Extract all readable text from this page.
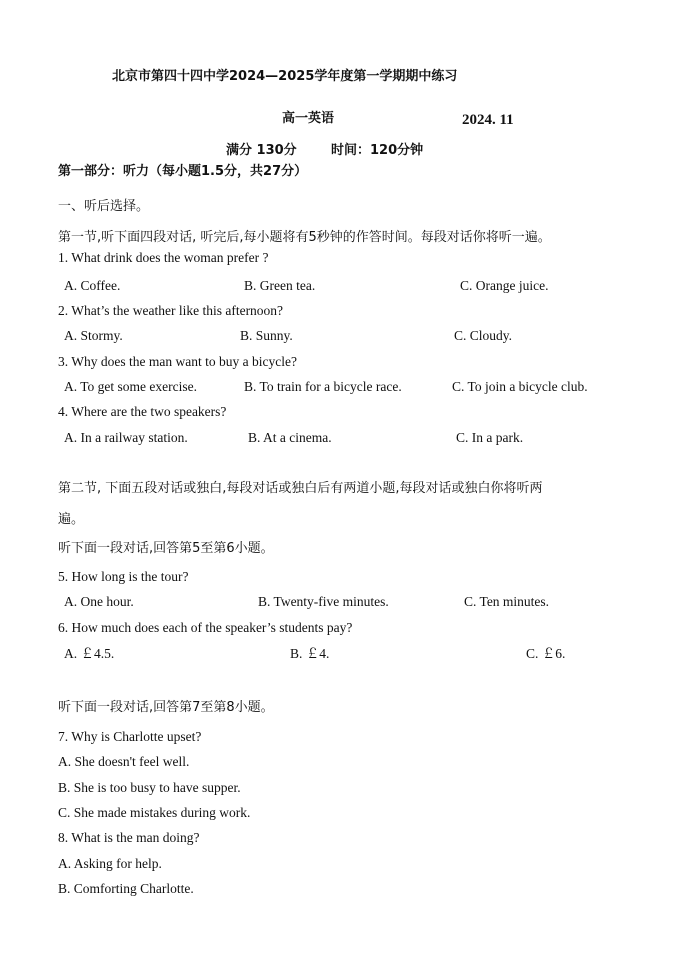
北京市第四十四中学2024—2025学年度第一学期期中练习
高一英语	2024. 11
满分 130分	时间：120分钟
第一部分：听力（每小题1.5分，共27分）
一、听后选择。
第一节,听下面四段对话, 听完后,每小题将有5秒钟的作答时间。每段对话你将听一遍。
1. What drink does the woman prefer ?
A. Coffee.	B. Green tea.	C. Orange juice.
2. What’s the weather like this afternoon?
A. Stormy.	B. Sunny.	C. Cloudy.
3. Why does the man want to buy a bicycle?
A. To get some exercise.	B. To train for a bicycle race.	C. To join a bicycle club.
4. Where are the two speakers?
A. In a railway station.	B. At a cinema.	C. In a park.
第二节, 下面五段对话或独白,每段对话或独白后有两道小题,每段对话或独白你将听两
遍。
听下面一段对话,回答第5至第6小题。
5. How long is the tour?
A. One hour.	B. Twenty-five minutes.	C. Ten minutes.
6. How much does each of the speaker’s students pay?
A. ￡4.5.	B. ￡4.	C. ￡6.
听下面一段对话,回答第7至第8小题。
7. Why is Charlotte upset?
A. She doesn't feel well.
B. She is too busy to have supper.
C. She made mistakes during work.
8. What is the man doing?
A. Asking for help.
B. Comforting Charlotte.
